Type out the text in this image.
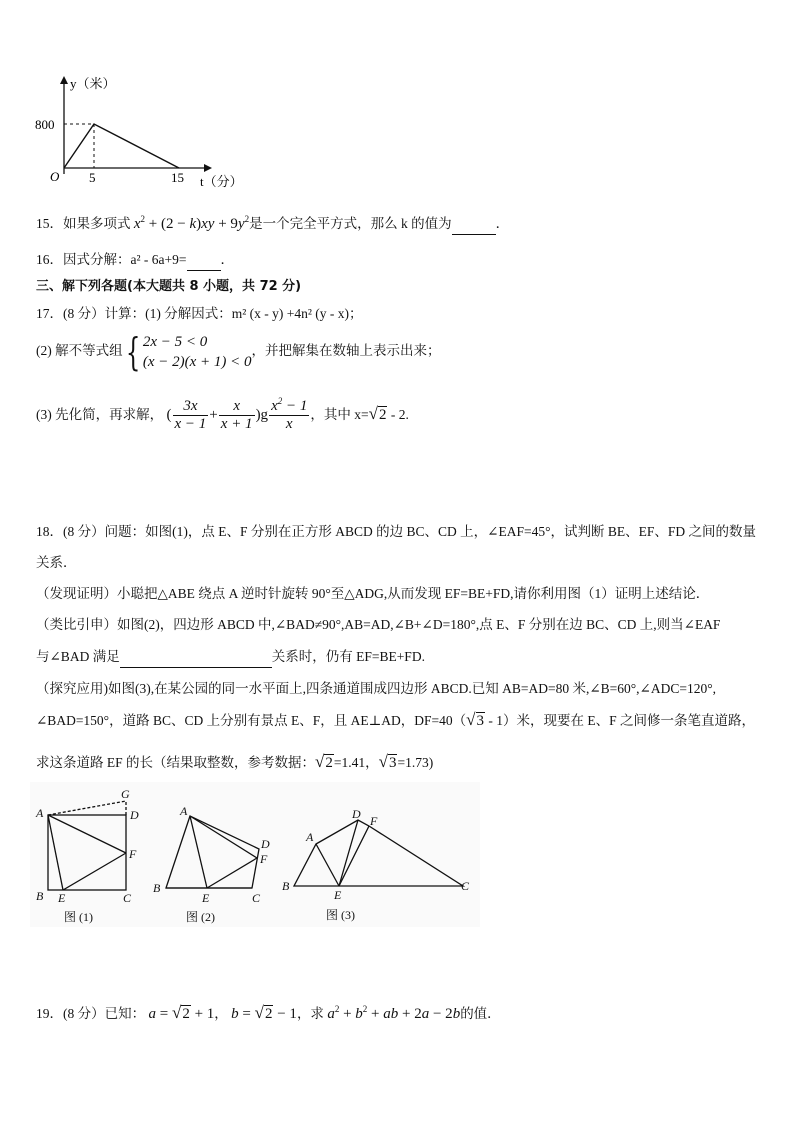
y（米）
t（分）
O
800
5	15
15．如果多项式 $x^2 + (2 - k)xy + 9y^2$是一个完全平方式，那么 k 的值为	．
16．因式分解：a² - 6a+9=	．
三、解下列各题(本大题共 8 小题，共 72 分)
17．(8 分）计算：(1) 分解因式：m² (x - y) +4n² (y - x)；
(2) 解不等式组{ 2x − 5 < 0
(x − 2)(x + 1) < 0，并把解集在数轴上表示出来；
(3) 先化简，再求解， ( $\frac{3x}{x - 1} + \frac{x}{x + 1} )g \frac{x^2 - 1}{x}$ ，其中 x=√2 - 2.
18．(8 分）问题：如图(1)，点 E、F 分别在正方形 ABCD 的边 BC、CD 上，∠EAF=45°，试判断 BE、EF、FD 之间的数量
关系．
（发现证明）小聪把△ABE 绕点 A 逆时针旋转 90°至△ADG,从而发现 EF=BE+FD,请你利用图（1）证明上述结论．
（类比引申）如图(2)，四边形 ABCD 中,∠BAD≠90°,AB=AD,∠B+∠D=180°,点 E、F 分别在边 BC、CD 上,则当∠EAF
与∠BAD 满足	关系时，仍有 EF=BE+FD.
（探究应用)如图(3),在某公园的同一水平面上,四条通道围成四边形 ABCD.已知 AB=AD=80 米,∠B=60°,∠ADC=120°,
∠BAD=150°，道路 BC、CD 上分别有景点 E、F，且 AE⊥AD，DF=40（√3 - 1）米，现要在 E、F 之间修一条笔直道路，
求这条道路 EF 的长（结果取整数，参考数据：√2=1.41，√3=1.73)
A
G
D
F
B E	C
图 (1)
A
D
F
B
E	C
图 (2)
A
D F
B
E
C
图 (3)
19．(8 分）已知： a = √2 + 1， b = √2 − 1，求 $a^2 + b^2$ + ab + 2a − 2b的值．
